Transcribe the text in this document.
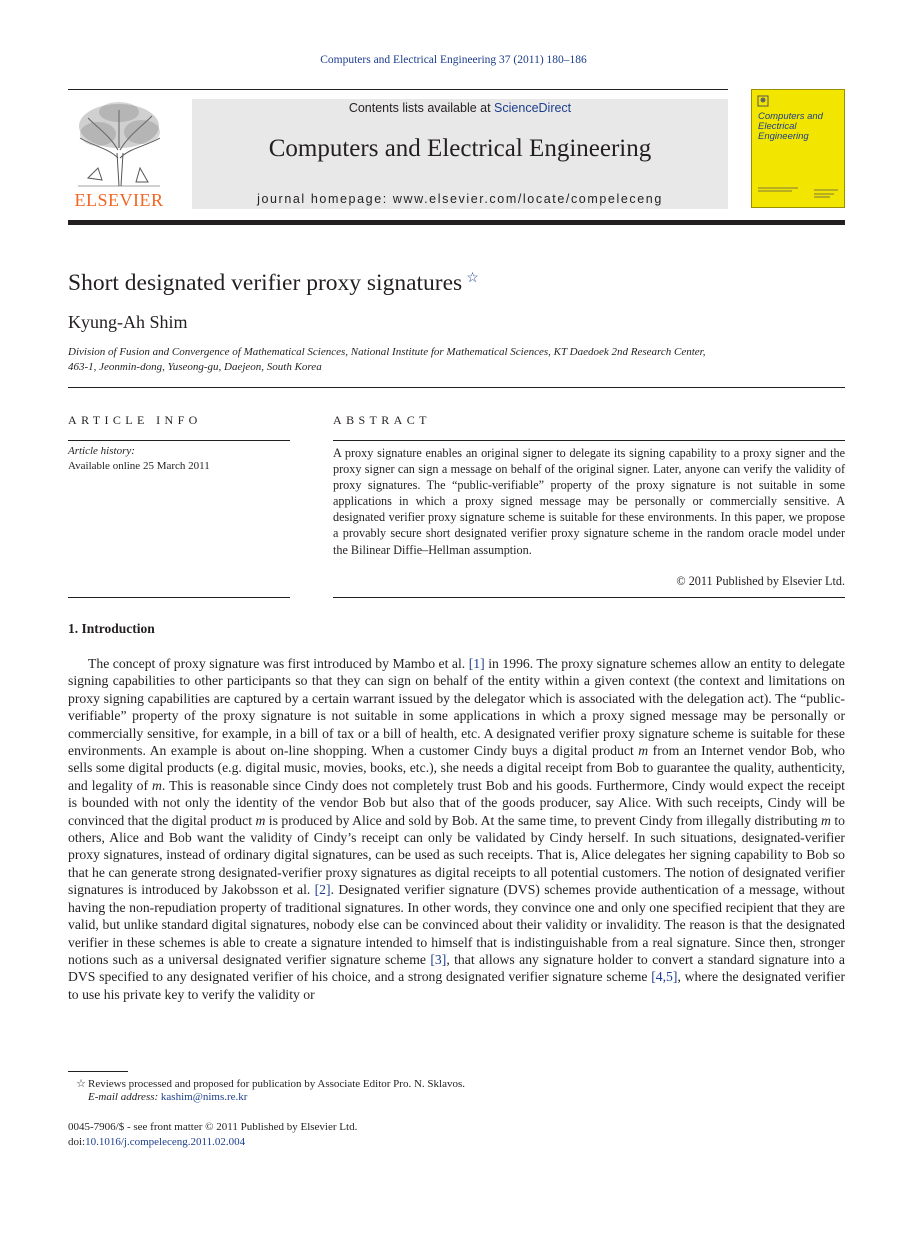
Computers and Electrical Engineering 37 (2011) 180–186
ELSEVIER
Contents lists available at ScienceDirect
Computers and Electrical Engineering
journal homepage: www.elsevier.com/locate/compeleceng
Computers and Electrical Engineering
Short designated verifier proxy signatures ☆
Kyung-Ah Shim
Division of Fusion and Convergence of Mathematical Sciences, National Institute for Mathematical Sciences, KT Daedoek 2nd Research Center,
463-1, Jeonmin-dong, Yuseong-gu, Daejeon, South Korea
ARTICLE INFO
Article history:
Available online 25 March 2011
ABSTRACT
A proxy signature enables an original signer to delegate its signing capability to a proxy signer and the proxy signer can sign a message on behalf of the original signer. Later, anyone can verify the validity of proxy signatures. The “public-verifiable” property of the proxy signature is not suitable in some applications in which a proxy signed message may be personally or commercially sensitive. A designated verifier proxy signature scheme is suitable for these environments. In this paper, we propose a provably secure short designated verifier proxy signature scheme in the random oracle model under the Bilinear Diffie–Hellman assumption.
© 2011 Published by Elsevier Ltd.
1. Introduction
The concept of proxy signature was first introduced by Mambo et al. [1] in 1996. The proxy signature schemes allow an entity to delegate signing capabilities to other participants so that they can sign on behalf of the entity within a given context (the context and limitations on proxy signing capabilities are captured by a certain warrant issued by the delegator which is associated with the delegation act). The “public-verifiable” property of the proxy signature is not suitable in some applications in which a proxy signed message may be personally or commercially sensitive, for example, in a bill of tax or a bill of health, etc. A designated verifier proxy signature scheme is suitable for these environments. An example is about on-line shopping. When a customer Cindy buys a digital product m from an Internet vendor Bob, who sells some digital products (e.g. digital music, movies, books, etc.), she needs a digital receipt from Bob to guarantee the quality, authenticity, and legality of m. This is reasonable since Cindy does not completely trust Bob and his goods. Furthermore, Cindy would expect the receipt is bounded with not only the identity of the vendor Bob but also that of the goods producer, say Alice. With such receipts, Cindy will be convinced that the digital product m is produced by Alice and sold by Bob. At the same time, to prevent Cindy from illegally distributing m to others, Alice and Bob want the validity of Cindy’s receipt can only be validated by Cindy herself. In such situations, designated-verifier proxy signatures, instead of ordinary digital signatures, can be used as such receipts. That is, Alice delegates her signing capability to Bob so that he can generate strong designated-verifier proxy signatures as digital receipts to all potential customers. The notion of designated verifier signatures is introduced by Jakobsson et al. [2]. Designated verifier signature (DVS) schemes provide authentication of a message, without having the non-repudiation property of traditional signatures. In other words, they convince one and only one specified recipient that they are valid, but unlike standard digital signatures, nobody else can be convinced about their validity or invalidity. The reason is that the designated verifier in these schemes is able to create a signature intended to himself that is indistinguishable from a real signature. Since then, stronger notions such as a universal designated verifier signature scheme [3], that allows any signature holder to convert a standard signature into a DVS specified to any designated verifier of his choice, and a strong designated verifier signature scheme [4,5], where the designated verifier to use his private key to verify the validity or
☆ Reviews processed and proposed for publication by Associate Editor Pro. N. Sklavos.
E-mail address: kashim@nims.re.kr
0045-7906/$ - see front matter © 2011 Published by Elsevier Ltd.
doi:10.1016/j.compeleceng.2011.02.004
